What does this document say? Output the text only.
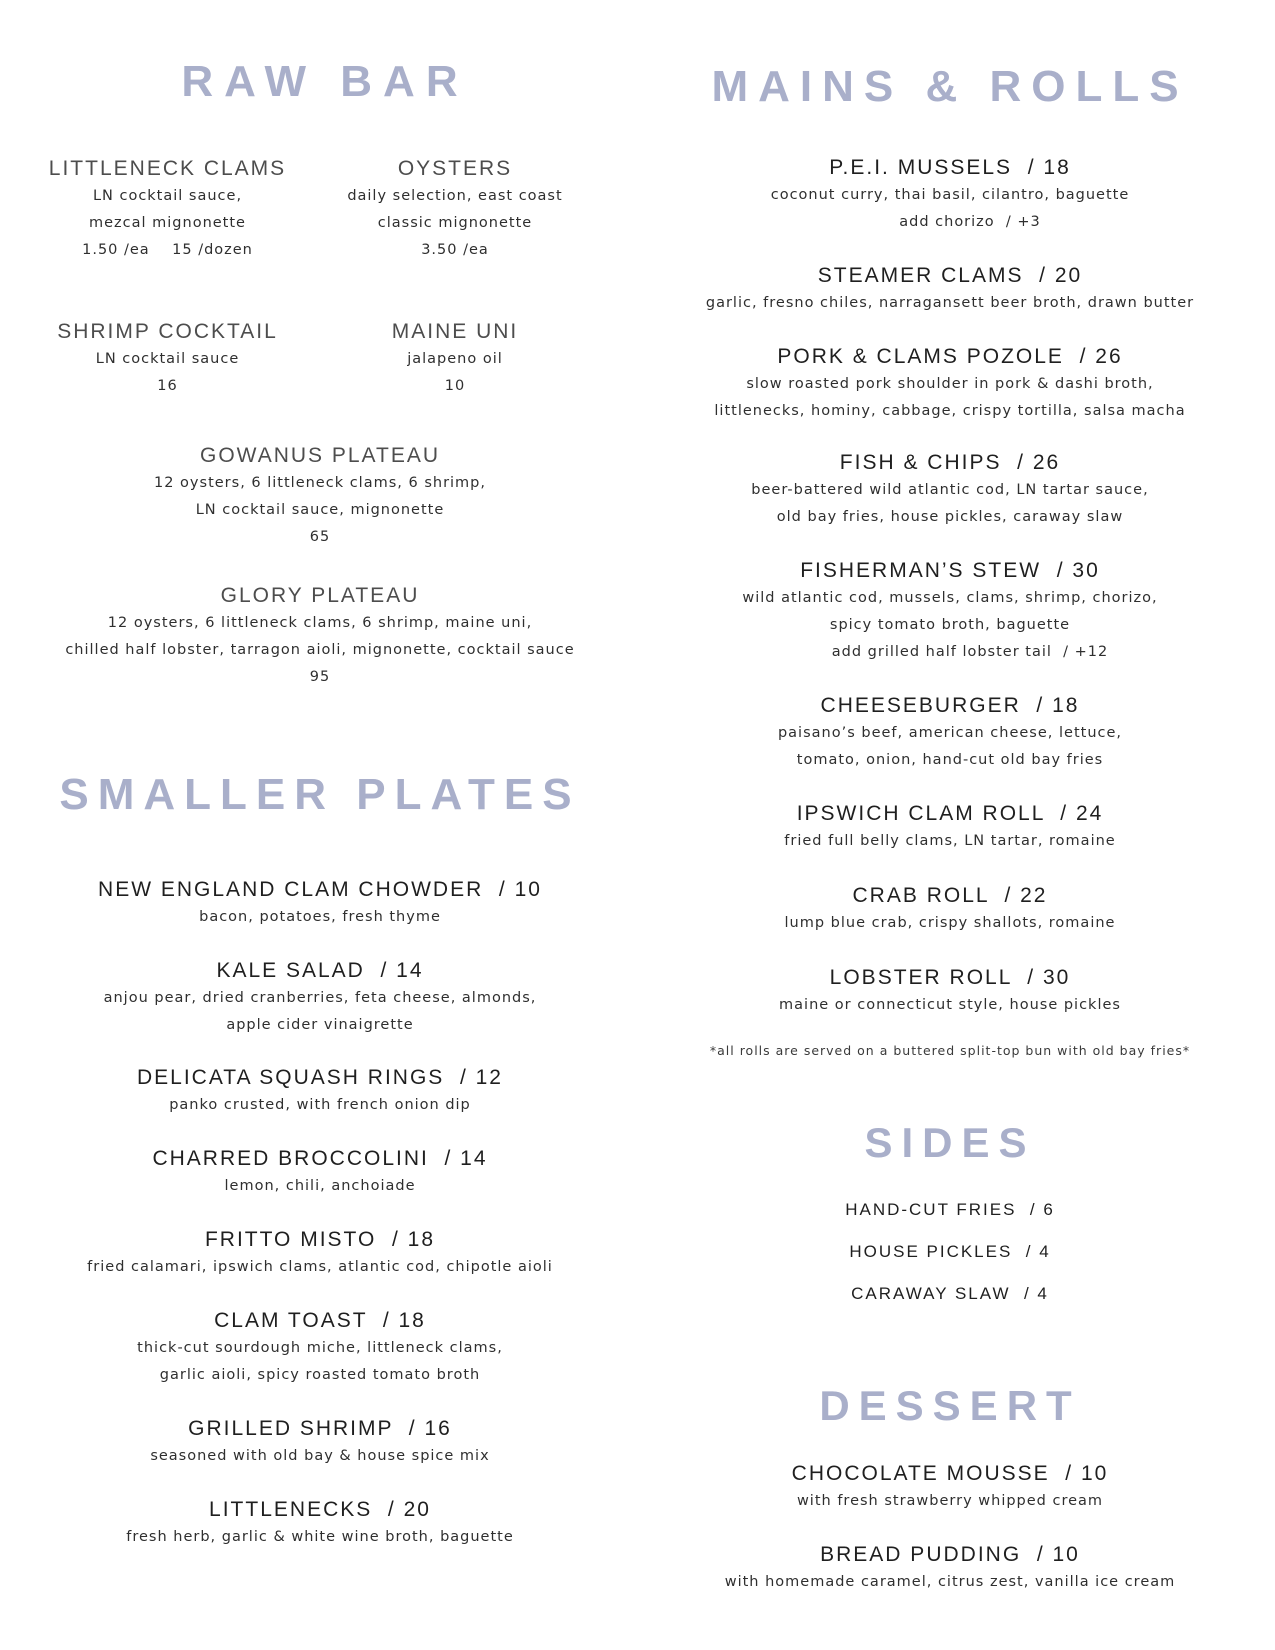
RAW BAR
LITTLENECK CLAMS
LN cocktail sauce,
mezcal mignonette
1.50 /ea    15 /dozen
OYSTERS
daily selection, east coast
classic mignonette
3.50 /ea
SHRIMP COCKTAIL
LN cocktail sauce
16
MAINE UNI
jalapeno oil
10
GOWANUS PLATEAU
12 oysters, 6 littleneck clams, 6 shrimp,
LN cocktail sauce, mignonette
65
GLORY PLATEAU
12 oysters, 6 littleneck clams, 6 shrimp, maine uni,
chilled half lobster, tarragon aioli, mignonette, cocktail sauce
95
SMALLER PLATES
NEW ENGLAND CLAM CHOWDER  / 10
bacon, potatoes, fresh thyme
KALE SALAD  / 14
anjou pear, dried cranberries, feta cheese, almonds,
apple cider vinaigrette
DELICATA SQUASH RINGS  / 12
panko crusted, with french onion dip
CHARRED BROCCOLINI  / 14
lemon, chili, anchoiade
FRITTO MISTO  / 18
fried calamari, ipswich clams, atlantic cod, chipotle aioli
CLAM TOAST  / 18
thick-cut sourdough miche, littleneck clams,
garlic aioli, spicy roasted tomato broth
GRILLED SHRIMP  / 16
seasoned with old bay & house spice mix
LITTLENECKS  / 20
fresh herb, garlic & white wine broth, baguette
MAINS & ROLLS
P.E.I. MUSSELS  / 18
coconut curry, thai basil, cilantro, baguette
add chorizo  / +3
STEAMER CLAMS  / 20
garlic, fresno chiles, narragansett beer broth, drawn butter
PORK & CLAMS POZOLE  / 26
slow roasted pork shoulder in pork & dashi broth,
littlenecks, hominy, cabbage, crispy tortilla, salsa macha
FISH & CHIPS  / 26
beer-battered wild atlantic cod, LN tartar sauce,
old bay fries, house pickles, caraway slaw
FISHERMAN’S STEW  / 30
wild atlantic cod, mussels, clams, shrimp, chorizo,
spicy tomato broth, baguette
add grilled half lobster tail  / +12
CHEESEBURGER  / 18
paisano’s beef, american cheese, lettuce,
tomato, onion, hand-cut old bay fries
IPSWICH CLAM ROLL  / 24
fried full belly clams, LN tartar, romaine
CRAB ROLL  / 22
lump blue crab, crispy shallots, romaine
LOBSTER ROLL  / 30
maine or connecticut style, house pickles
*all rolls are served on a buttered split-top bun with old bay fries*
SIDES
HAND-CUT FRIES  / 6
HOUSE PICKLES  / 4
CARAWAY SLAW  / 4
DESSERT
CHOCOLATE MOUSSE  / 10
with fresh strawberry whipped cream
BREAD PUDDING  / 10
with homemade caramel, citrus zest, vanilla ice cream
